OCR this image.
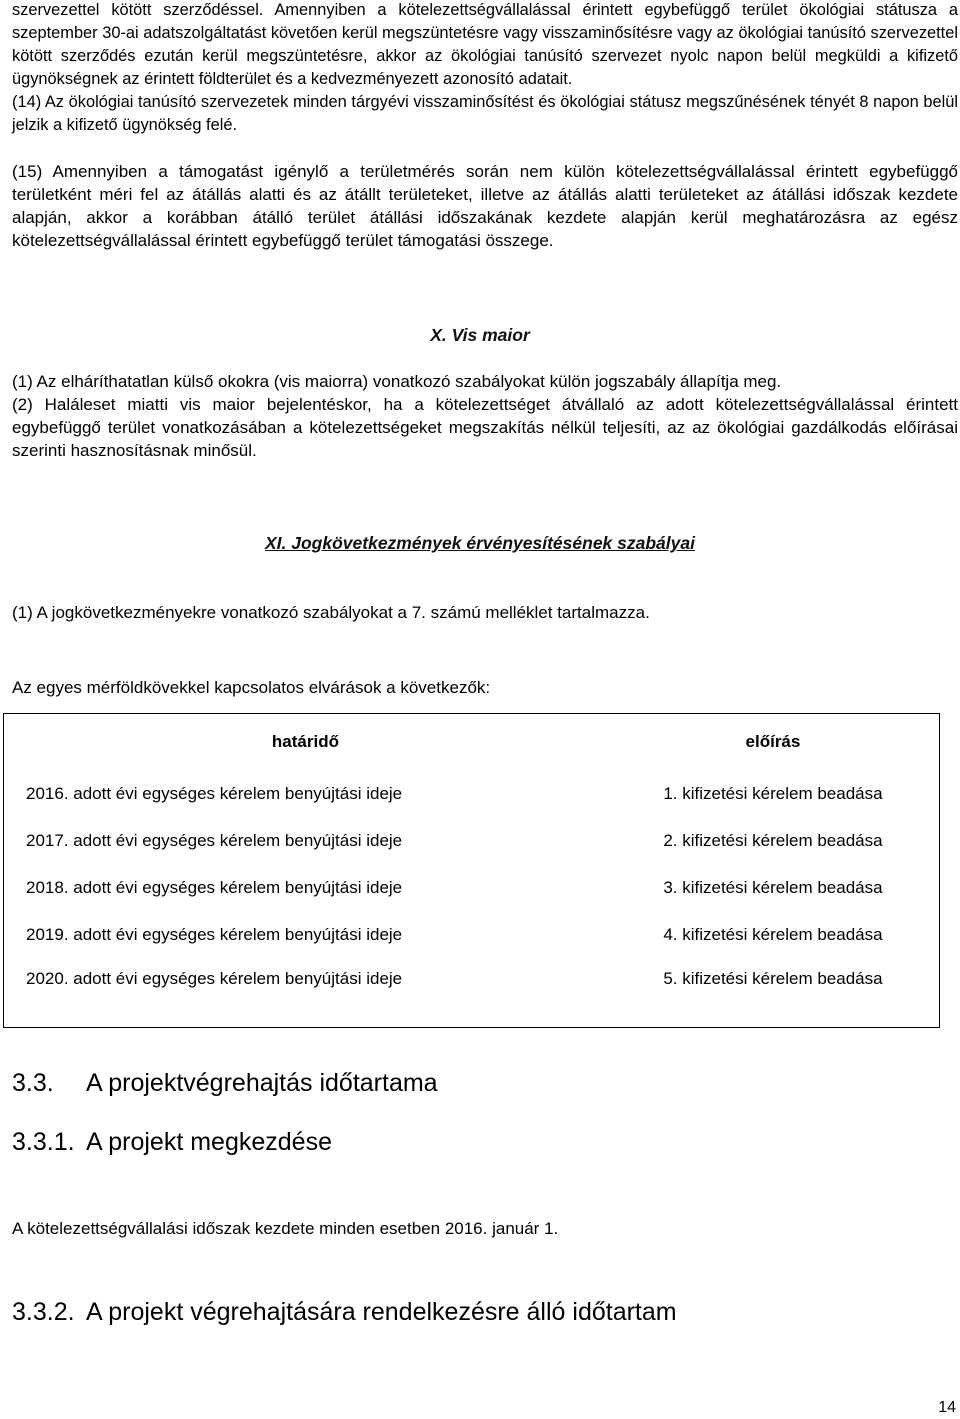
szervezettel kötött szerződéssel. Amennyiben a kötelezettségvállalással érintett egybefüggő terület ökológiai státusza a szeptember 30-ai adatszolgáltatást követően kerül megszüntetésre vagy visszaminősítésre vagy az ökológiai tanúsító szervezettel kötött szerződés ezután kerül megszüntetésre, akkor az ökológiai tanúsító szervezet nyolc napon belül megküldi a kifizető ügynökségnek az érintett földterület és a kedvezményezett azonosító adatait.

(14) Az ökológiai tanúsító szervezetek minden tárgyévi visszaminősítést és ökológiai státusz megszűnésének tényét 8 napon belül jelzik a kifizető ügynökség felé.

(15) Amennyiben a támogatást igénylő a területmérés során nem külön kötelezettségvállalással érintett egybefüggő területként méri fel az átállás alatti és az átállt területeket, illetve az átállás alatti területeket az átállási időszak kezdete alapján, akkor a korábban átálló terület átállási időszakának kezdete alapján kerül meghatározásra az egész kötelezettségvállalással érintett egybefüggő terület támogatási összege.

X. Vis maior

(1) Az elháríthatatlan külső okokra (vis maiorra) vonatkozó szabályokat külön jogszabály állapítja meg.

(2) Haláleset miatti vis maior bejelentéskor, ha a kötelezettséget átvállaló az adott kötelezettségvállalással érintett egybefüggő terület vonatkozásában a kötelezettségeket megszakítás nélkül teljesíti, az az ökológiai gazdálkodás előírásai szerinti hasznosításnak minősül.

XI. Jogkövetkezmények érvényesítésének szabályai

(1) A jogkövetkezményekre vonatkozó szabályokat a 7. számú melléklet tartalmazza.

Az egyes mérföldkövekkel kapcsolatos elvárások a következők:

határidő	előírás
2016. adott évi egységes kérelem benyújtási ideje	1. kifizetési kérelem beadása
2017. adott évi egységes kérelem benyújtási ideje	2. kifizetési kérelem beadása
2018. adott évi egységes kérelem benyújtási ideje	3. kifizetési kérelem beadása
2019. adott évi egységes kérelem benyújtási ideje	4. kifizetési kérelem beadása
2020. adott évi egységes kérelem benyújtási ideje	5. kifizetési kérelem beadása
3.3.	A projektvégrehajtás időtartama
3.3.1. A projekt megkezdése

A kötelezettségvállalási időszak kezdete minden esetben 2016. január 1.

3.3.2. A projekt végrehajtására rendelkezésre álló időtartam
14
